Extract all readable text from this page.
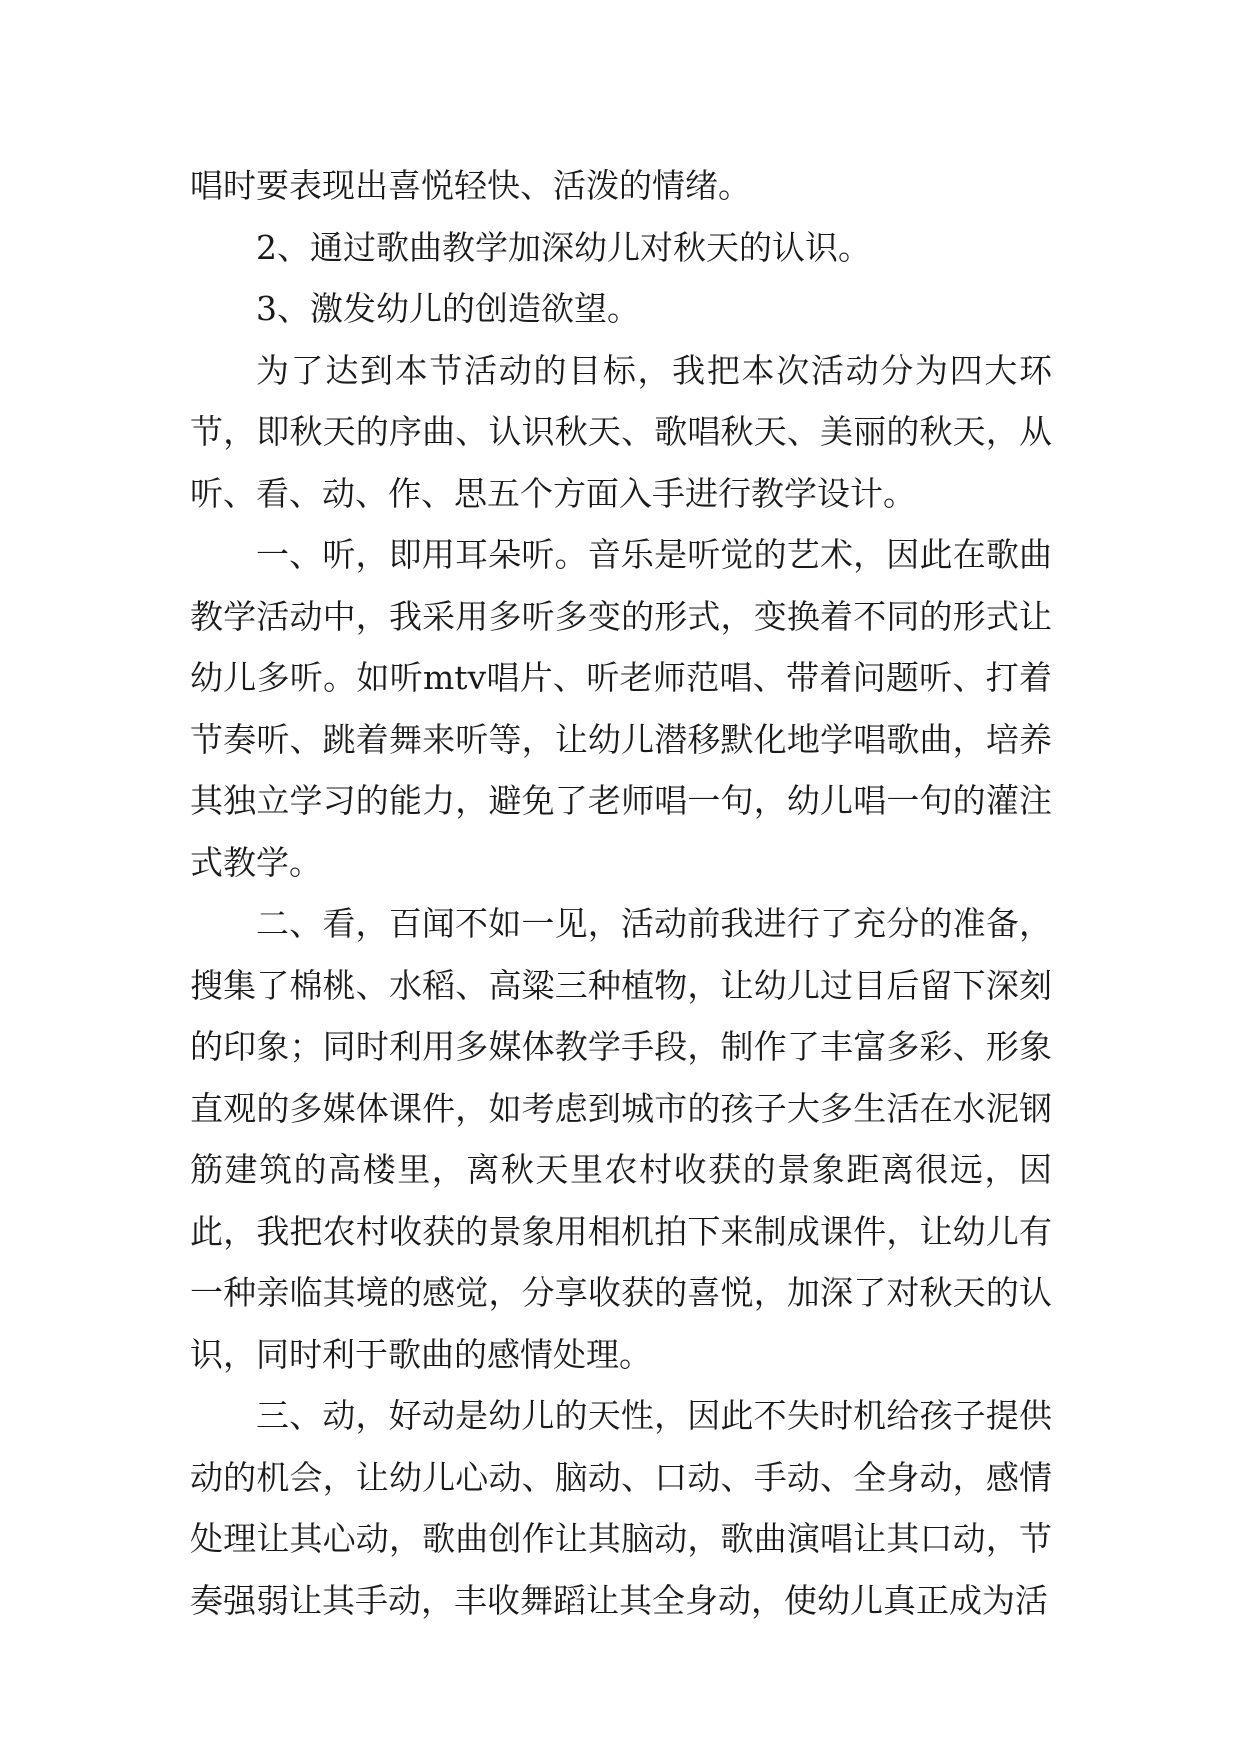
唱时要表现出喜悦轻快、活泼的情绪。

2、通过歌曲教学加深幼儿对秋天的认识。

3、激发幼儿的创造欲望。

为了达到本节活动的目标，我把本次活动分为四大环节，即秋天的序曲、认识秋天、歌唱秋天、美丽的秋天，从听、看、动、作、思五个方面入手进行教学设计。

一、听，即用耳朵听。音乐是听觉的艺术，因此在歌曲教学活动中，我采用多听多变的形式，变换着不同的形式让幼儿多听。如听mtv唱片、听老师范唱、带着问题听、打着节奏听、跳着舞来听等，让幼儿潜移默化地学唱歌曲，培养其独立学习的能力，避免了老师唱一句，幼儿唱一句的灌注式教学。

二、看，百闻不如一见，活动前我进行了充分的准备，搜集了棉桃、水稻、高粱三种植物，让幼儿过目后留下深刻的印象；同时利用多媒体教学手段，制作了丰富多彩、形象直观的多媒体课件，如考虑到城市的孩子大多生活在水泥钢筋建筑的高楼里，离秋天里农村收获的景象距离很远，因此，我把农村收获的景象用相机拍下来制成课件，让幼儿有一种亲临其境的感觉，分享收获的喜悦，加深了对秋天的认识，同时利于歌曲的感情处理。

三、动，好动是幼儿的天性，因此不失时机给孩子提供动的机会，让幼儿心动、脑动、口动、手动、全身动，感情处理让其心动，歌曲创作让其脑动，歌曲演唱让其口动，节奏强弱让其手动，丰收舞蹈让其全身动，使幼儿真正成为活
